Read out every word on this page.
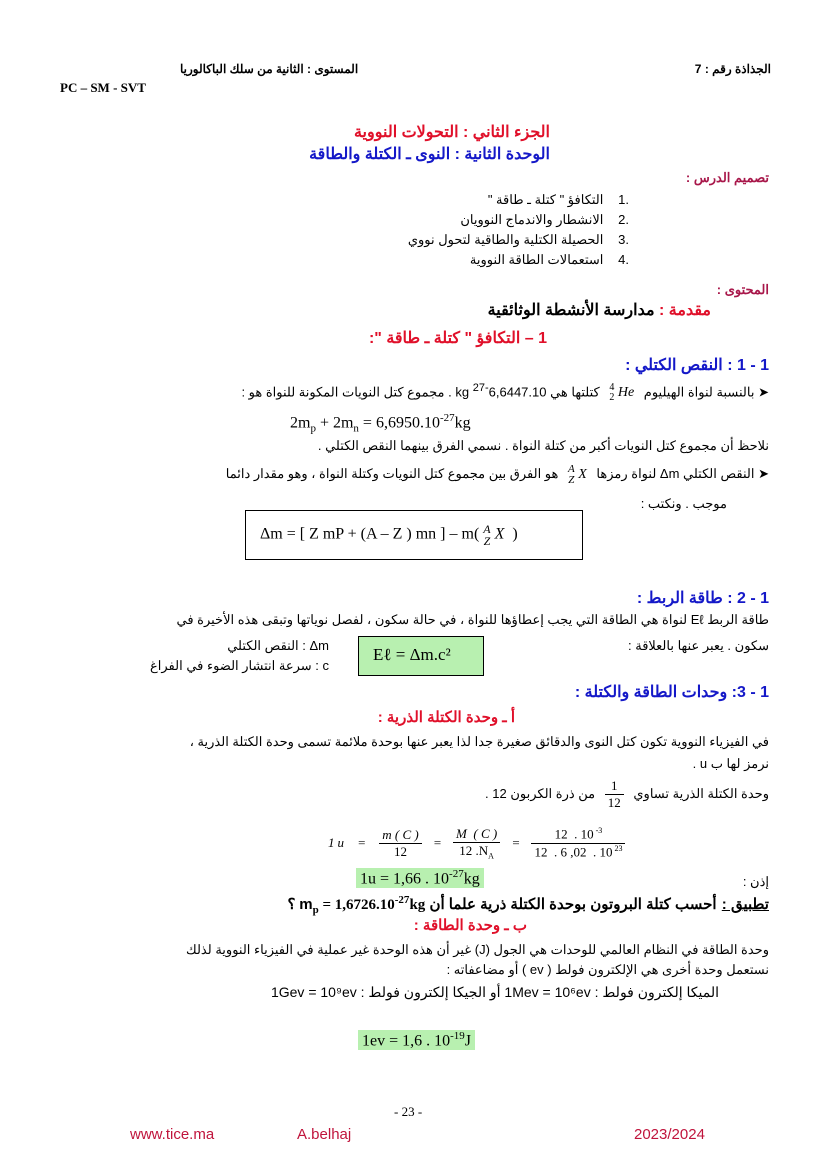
الجذاذة رقم : 7
المستوى : الثانية من سلك الباكالوريا
PC – SM - SVT
الجزء الثاني : التحولات النووية
الوحدة الثانية : النوى ـ الكتلة والطاقة
تصميم الدرس :
.1 التكافؤ " كتلة ـ طاقة "
.2 الانشطار والاندماج النوويان
.3 الحصيلة الكتلية والطاقية لتحول نووي
.4 استعمالات الطاقة النووية
المحتوى :
مقدمة : مدارسة الأنشطة الوثائقية
1 – التكافؤ " كتلة ـ طاقة ":
1 - 1 : النقص الكتلي :
➤ بالنسبة لنواة الهيليوم 4
2 He كتلتها هي $6,6447.10^{-27}$ kg . مجموع كتل النويات المكونة للنواة هو :
$2m_p + 2m_n = 6,6950.10^{-27}kg$
نلاحظ أن مجموع كتل النويات أكبر من كتلة النواة . نسمي الفرق بينهما النقص الكتلي .
➤ النقص الكتلي Δm لنواة رمزها A
Z X هو الفرق بين مجموع كتل النويات وكتلة النواة ، وهو مقدار دائما
موجب . ونكتب :
Δm = [ Z mP + (A – Z ) mn ] – m( A
Z X )
1 - 2 : طاقة الربط :
طاقة الربط Eℓ لنواة هي الطاقة التي يجب إعطاؤها للنواة ، في حالة سكون ، لفصل نوياتها وتبقى هذه الأخيرة في
سكون . يعبر عنها بالعلاقة :
Eℓ = Δm.c²
Δm : النقص الكتلي
c : سرعة انتشار الضوء في الفراغ
1 - 3: وحدات الطاقة والكتلة :
أ ـ وحدة الكتلة الذرية :
في الفيزياء النووية تكون كتل النوى والدقائق صغيرة جدا لذا يعبر عنها بوحدة ملائمة تسمى وحدة الكتلة الذرية ،
نرمز لها ب u .
وحدة الكتلة الذرية تساوي
$\frac{1}{12}$
من ذرة الكربون 12 .
1 $u = \frac{m ( C )}{12} = \frac{M ( C )}{12 .N_A} = \frac{12 . 10 ^{-3}}{12 . 6 ,02 . 10 ^{23}}$
إذن :
1u = 1,66 . $10^{-27}kg$
تطبيق : أحسب كتلة البروتون بوحدة الكتلة ذرية علما أن $m_p = 1,6726.10^{-27}kg$ ؟
ب ـ وحدة الطاقة :
وحدة الطاقة في النظام العالمي للوحدات هي الجول (J) غير أن هذه الوحدة غير عملية في الفيزياء النووية لذلك
نستعمل وحدة أخرى هي الإلكترون فولط ( ev ) أو مضاعفاته :
الميكا إلكترون فولط : 1Mev = 10⁶ev أو الجيكا إلكترون فولط : 1Gev = 10⁹ev
1ev = 1,6 . $10^{-19}J$
- 23 -
www.tice.ma	A.belhaj	2023/2024
